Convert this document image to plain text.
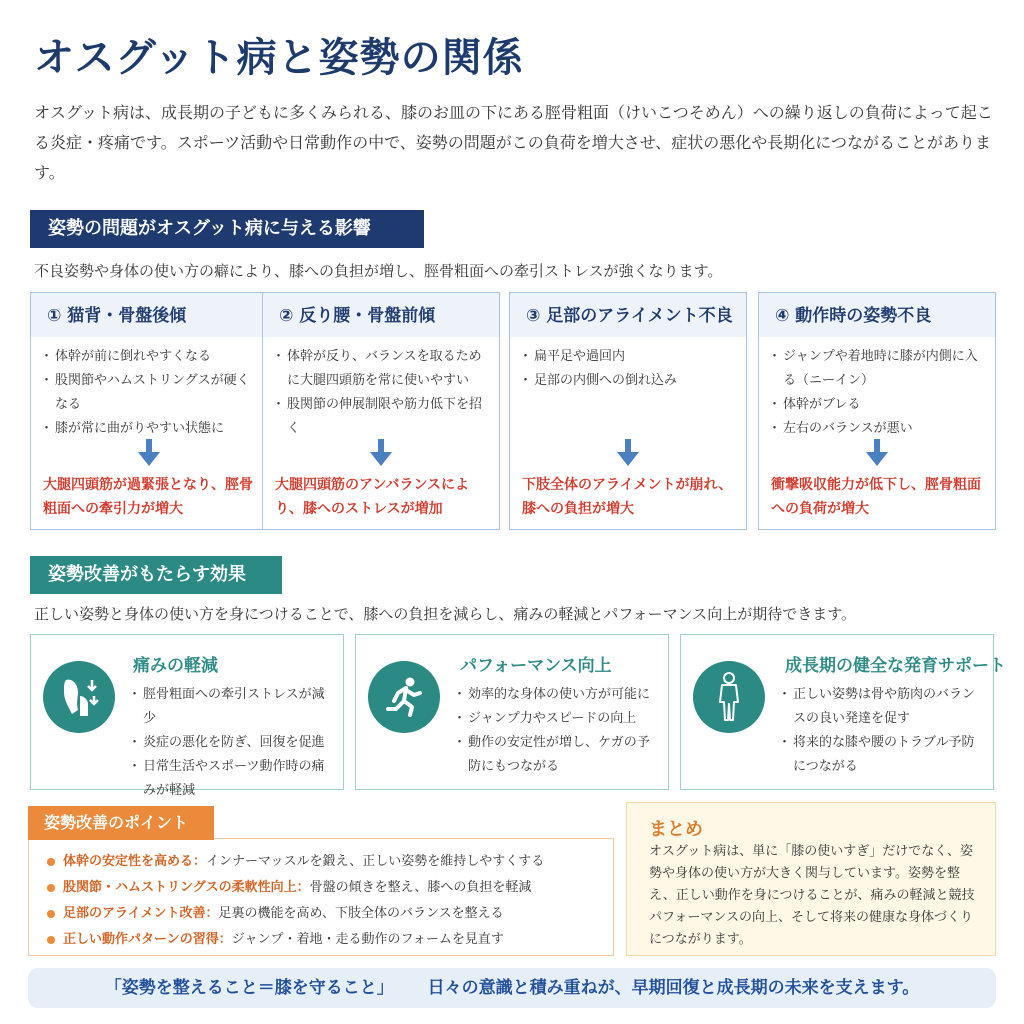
オスグット病と姿勢の関係
オスグット病は、成長期の子どもに多くみられる、膝のお皿の下にある脛骨粗面（けいこつそめん）への繰り返しの負荷によって起こる炎症・疼痛です。スポーツ活動や日常動作の中で、姿勢の問題がこの負荷を増大させ、症状の悪化や長期化につながることがあります。
姿勢の問題がオスグット病に与える影響
不良姿勢や身体の使い方の癖により、膝への負担が増し、脛骨粗面への牽引ストレスが強くなります。
① 猫背・骨盤後傾
・ 体幹が前に倒れやすくなる
・ 股関節やハムストリングスが硬くなる
・ 膝が常に曲がりやすい状態に
大腿四頭筋が過緊張となり、脛骨粗面への牽引力が増大
② 反り腰・骨盤前傾
・ 体幹が反り、バランスを取るために大腿四頭筋を常に使いやすい
・ 股関節の伸展制限や筋力低下を招く
大腿四頭筋のアンバランスにより、膝へのストレスが増加
③ 足部のアライメント不良
・ 扁平足や過回内
・ 足部の内側への倒れ込み
下肢全体のアライメントが崩れ、膝への負担が増大
④ 動作時の姿勢不良
・ ジャンプや着地時に膝が内側に入る（ニーイン）
・ 体幹がブレる
・ 左右のバランスが悪い
衝撃吸収能力が低下し、脛骨粗面への負荷が増大
姿勢改善がもたらす効果
正しい姿勢と身体の使い方を身につけることで、膝への負担を減らし、痛みの軽減とパフォーマンス向上が期待できます。
痛みの軽減
・ 脛骨粗面への牽引ストレスが減少
・ 炎症の悪化を防ぎ、回復を促進
・ 日常生活やスポーツ動作時の痛みが軽減
パフォーマンス向上
・ 効率的な身体の使い方が可能に
・ ジャンプ力やスピードの向上
・ 動作の安定性が増し、ケガの予防にもつながる
成長期の健全な発育サポート
・ 正しい姿勢は骨や筋肉のバランスの良い発達を促す
・ 将来的な膝や腰のトラブル予防につながる
体幹の安定性を高める：インナーマッスルを鍛え、正しい姿勢を維持しやすくする
股関節・ハムストリングスの柔軟性向上：骨盤の傾きを整え、膝への負担を軽減
足部のアライメント改善：足裏の機能を高め、下肢全体のバランスを整える
正しい動作パターンの習得：ジャンプ・着地・走る動作のフォームを見直す
姿勢改善のポイント	まとめ
オスグット病は、単に「膝の使いすぎ」だけでなく、姿勢や身体の使い方が大きく関与しています。姿勢を整え、正しい動作を身につけることが、痛みの軽減と競技パフォーマンスの向上、そして将来の健康な身体づくりにつながります。
「姿勢を整えること＝膝を守ること」 日々の意識と積み重ねが、早期回復と成長期の未来を支えます。
